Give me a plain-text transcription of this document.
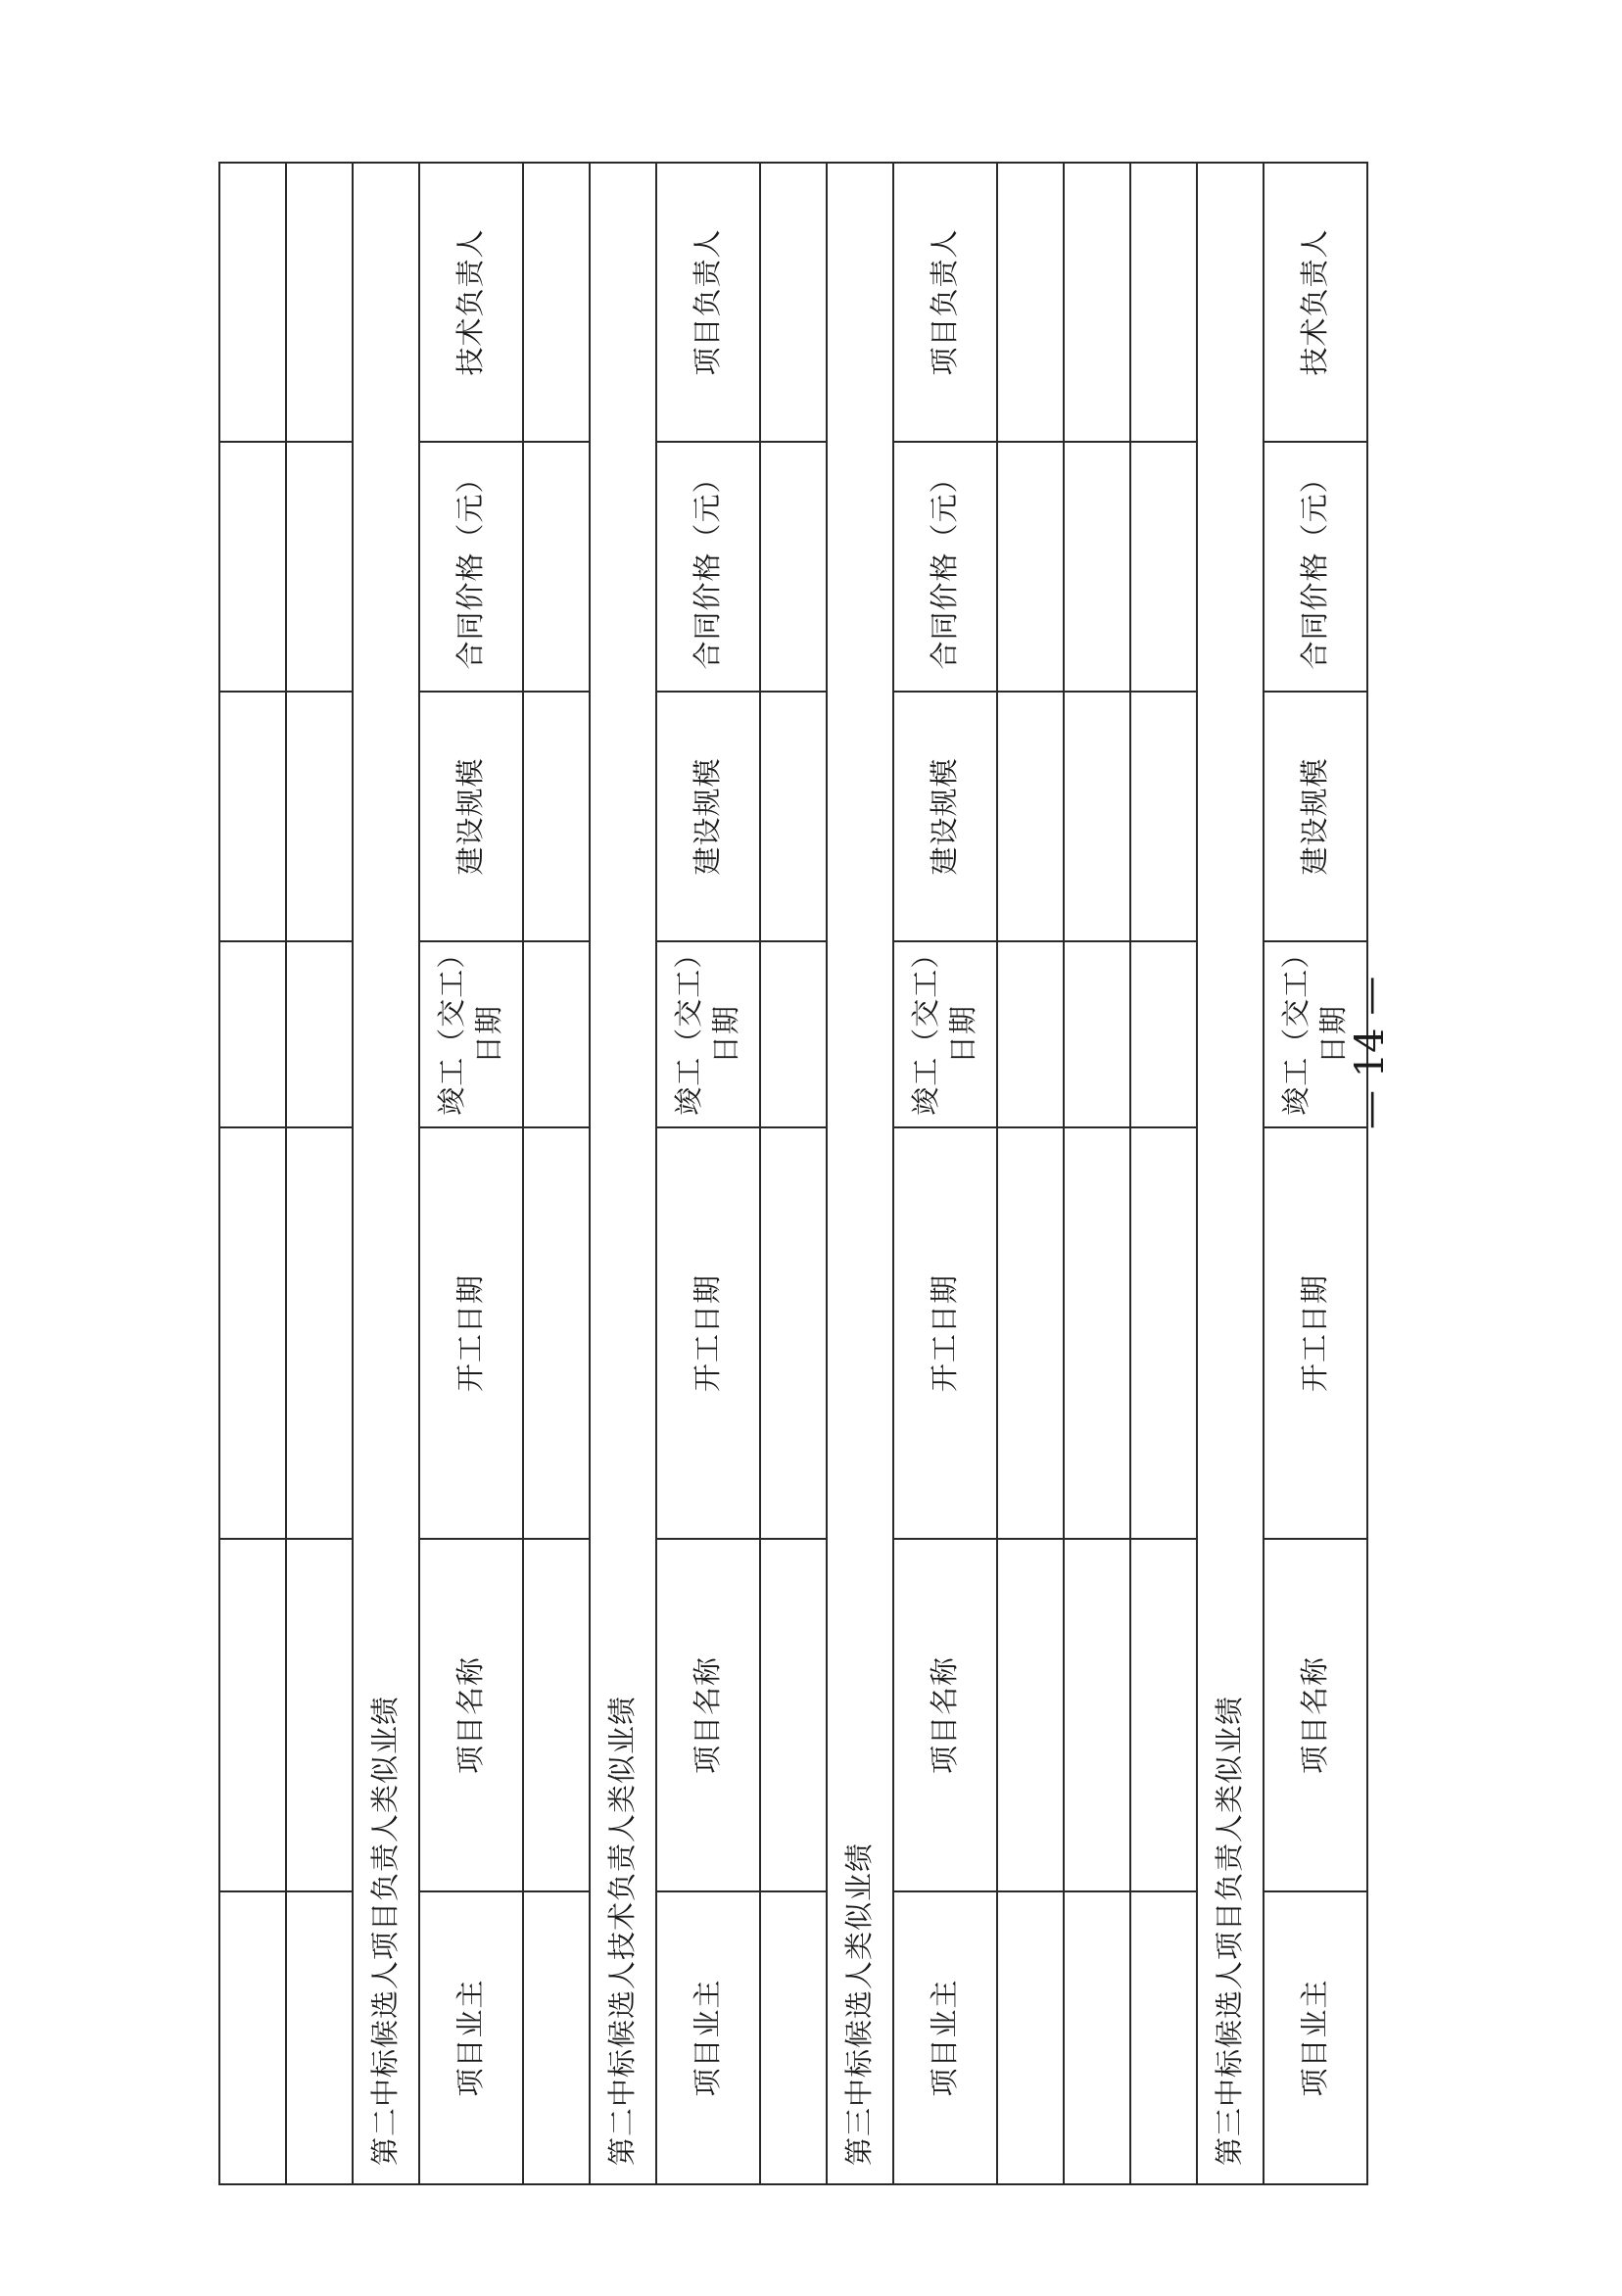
第二中标候选人项目负责人类似业绩						
项目业主	项目名称	开工日期	竣工（交工）日期	建设规模	合同价格（元）	技术负责人

第二中标候选人技术负责人类似业绩						
项目业主	项目名称	开工日期	竣工（交工）日期	建设规模	合同价格（元）	项目负责人

第三中标候选人类似业绩						
项目业主	项目名称	开工日期	竣工（交工）日期	建设规模	合同价格（元）	项目负责人

第三中标候选人项目负责人类似业绩						
项目业主	项目名称	开工日期	竣工（交工）日期	建设规模	合同价格（元）	技术负责人
— 14 —
